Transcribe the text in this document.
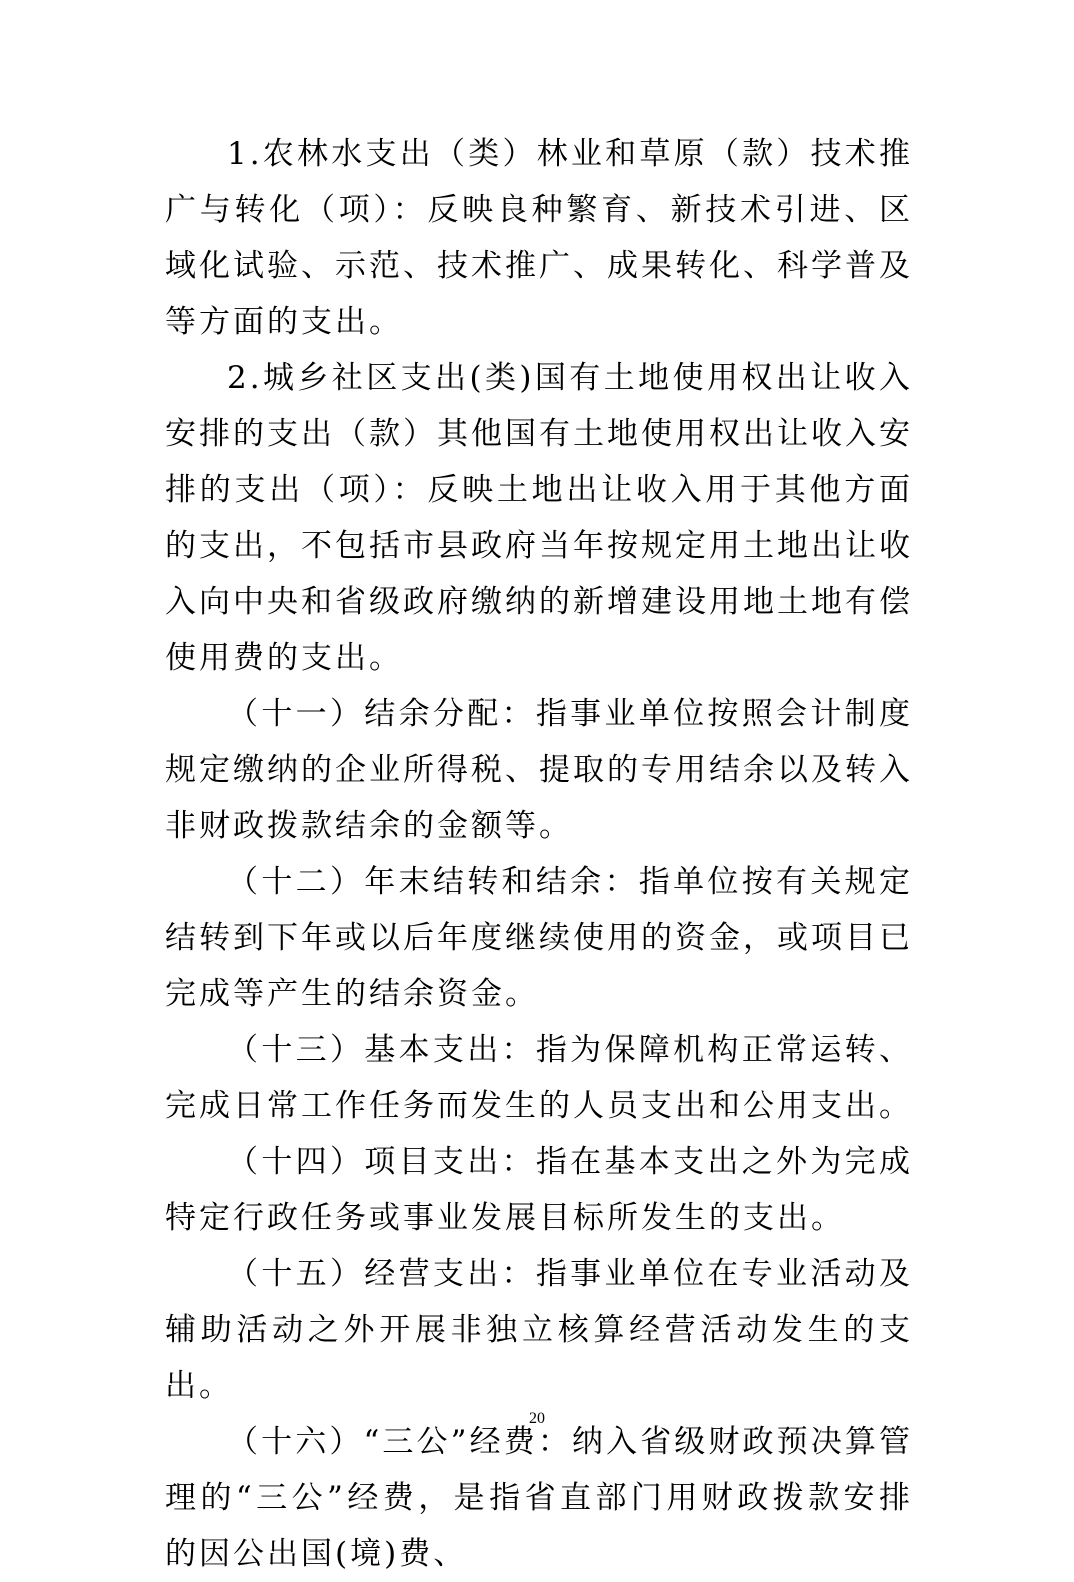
1.农林水支出（类）林业和草原（款）技术推广与转化（项）：反映良种繁育、新技术引进、区域化试验、示范、技术推广、成果转化、科学普及等方面的支出。

2.城乡社区支出(类)国有土地使用权出让收入安排的支出（款）其他国有土地使用权出让收入安排的支出（项）：反映土地出让收入用于其他方面的支出，不包括市县政府当年按规定用土地出让收入向中央和省级政府缴纳的新增建设用地土地有偿使用费的支出。

（十一）结余分配：指事业单位按照会计制度规定缴纳的企业所得税、提取的专用结余以及转入非财政拨款结余的金额等。

（十二）年末结转和结余：指单位按有关规定结转到下年或以后年度继续使用的资金，或项目已完成等产生的结余资金。

（十三）基本支出：指为保障机构正常运转、完成日常工作任务而发生的人员支出和公用支出。

（十四）项目支出：指在基本支出之外为完成特定行政任务或事业发展目标所发生的支出。

（十五）经营支出：指事业单位在专业活动及辅助活动之外开展非独立核算经营活动发生的支出。

（十六）“三公”经费：纳入省级财政预决算管理的“三公”经费，是指省直部门用财政拨款安排的因公出国(境)费、

20
